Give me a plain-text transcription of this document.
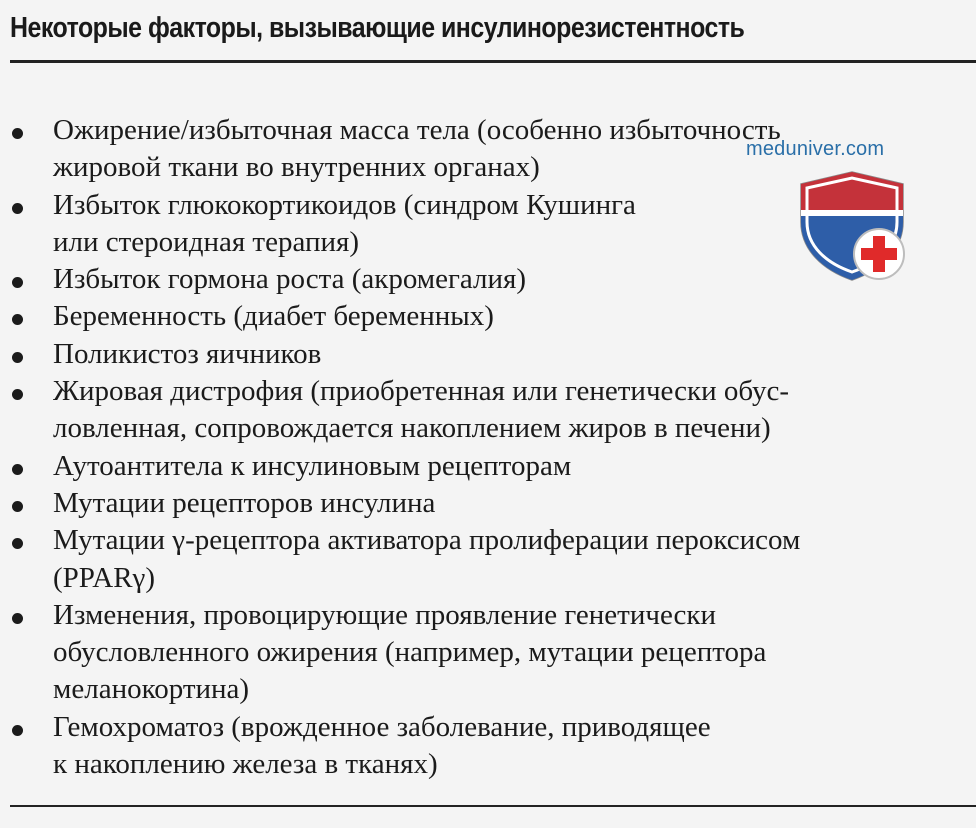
Некоторые факторы, вызывающие инсулинорезистентность
Ожирение/избыточная масса тела (особенно избыточность
жировой ткани во внутренних органах)
Избыток глюкокортикоидов (синдром Кушинга
или стероидная терапия)
Избыток гормона роста (акромегалия)
Беременность (диабет беременных)
Поликистоз яичников
Жировая дистрофия (приобретенная или генетически обус-
ловленная, сопровождается накоплением жиров в печени)
Аутоантитела к инсулиновым рецепторам
Мутации рецепторов инсулина
Мутации γ-рецептора активатора пролиферации пероксисом
(PPARγ)
Изменения, провоцирующие проявление генетически
обусловленного ожирения (например, мутации рецептора
меланокортина)
Гемохроматоз (врожденное заболевание, приводящее
к накоплению железа в тканях)
meduniver.com
